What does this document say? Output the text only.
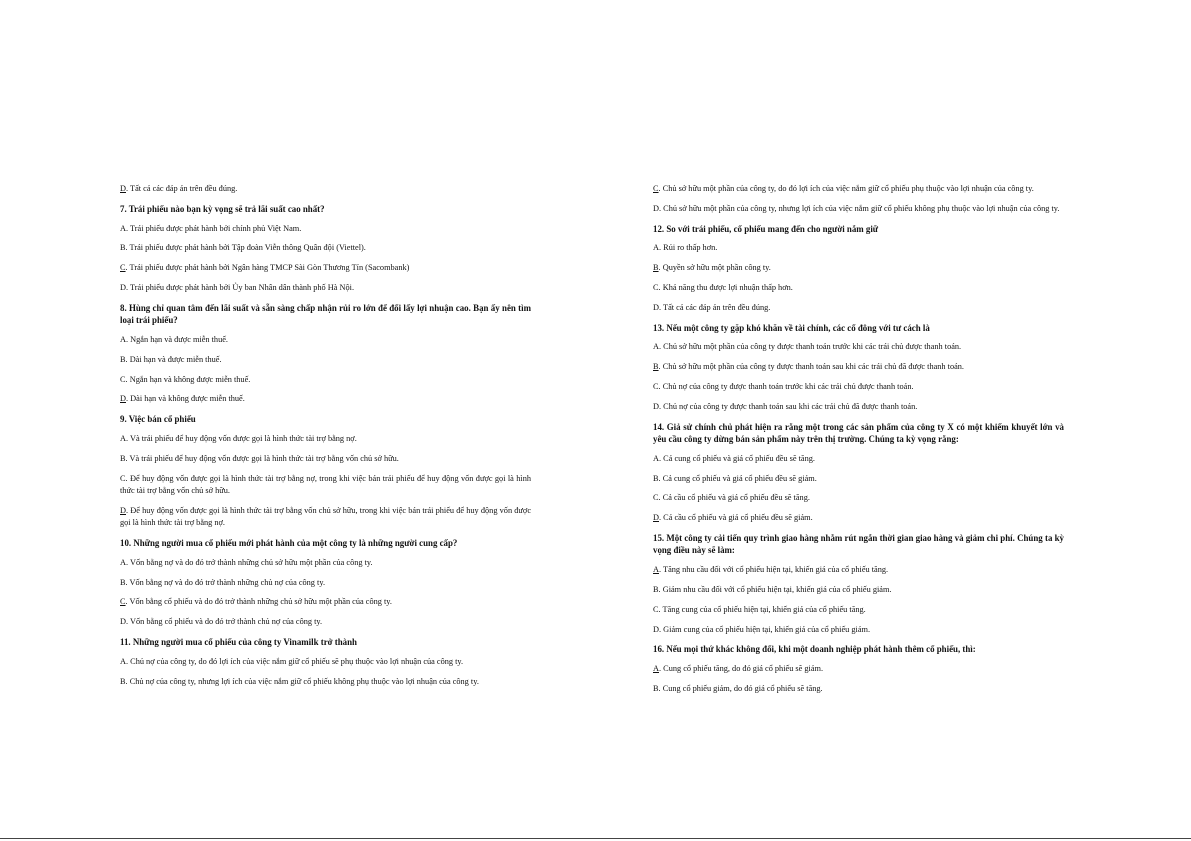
D. Tất cả các đáp án trên đều đúng.

7. Trái phiếu nào bạn kỳ vọng sẽ trả lãi suất cao nhất?

A. Trái phiếu được phát hành bởi chính phủ Việt Nam.

B. Trái phiếu được phát hành bởi Tập đoàn Viễn thông Quân đội (Viettel).

C. Trái phiếu được phát hành bởi Ngân hàng TMCP Sài Gòn Thương Tín (Sacombank)

D. Trái phiếu được phát hành bởi Ủy ban Nhân dân thành phố Hà Nội.

8. Hùng chỉ quan tâm đến lãi suất và sẵn sàng chấp nhận rủi ro lớn để đổi lấy lợi nhuận cao. Bạn ấy nên tìm loại trái phiếu?

A. Ngắn hạn và được miễn thuế.

B. Dài hạn và được miễn thuế.

C. Ngắn hạn và không được miễn thuế.

D. Dài hạn và không được miễn thuế.

9. Việc bán cổ phiếu

A. Và trái phiếu để huy động vốn được gọi là hình thức tài trợ bằng nợ.

B. Và trái phiếu để huy động vốn được gọi là hình thức tài trợ bằng vốn chủ sở hữu.

C. Để huy động vốn được gọi là hình thức tài trợ bằng nợ, trong khi việc bán trái phiếu để huy động vốn được gọi là hình thức tài trợ bằng vốn chủ sở hữu.

D. Để huy động vốn được gọi là hình thức tài trợ bằng vốn chủ sở hữu, trong khi việc bán trái phiếu để huy động vốn được gọi là hình thức tài trợ bằng nợ.

10. Những người mua cổ phiếu mới phát hành của một công ty là những người cung cấp?

A. Vốn bằng nợ và do đó trở thành những chủ sở hữu một phần của công ty.

B. Vốn bằng nợ và do đó trở thành những chủ nợ của công ty.

C. Vốn bằng cổ phiếu và do đó trở thành những chủ sở hữu một phần của công ty.

D. Vốn bằng cổ phiếu và do đó trở thành chủ nợ của công ty.

11. Những người mua cổ phiếu của công ty Vinamilk trở thành

A. Chủ nợ của công ty, do đó lợi ích của việc nắm giữ cổ phiếu sẽ phụ thuộc vào lợi nhuận của công ty.

B. Chủ nợ của công ty, nhưng lợi ích của việc nắm giữ cổ phiếu không phụ thuộc vào lợi nhuận của công ty.

C. Chủ sở hữu một phần của công ty, do đó lợi ích của việc nắm giữ cổ phiếu phụ thuộc vào lợi nhuận của công ty.

D. Chủ sở hữu một phần của công ty, nhưng lợi ích của việc nắm giữ cổ phiếu không phụ thuộc vào lợi nhuận của công ty.

12. So với trái phiếu, cổ phiếu mang đến cho người nắm giữ

A. Rủi ro thấp hơn.

B. Quyền sở hữu một phần công ty.

C. Khả năng thu được lợi nhuận thấp hơn.

D. Tất cả các đáp án trên đều đúng.

13. Nếu một công ty gặp khó khăn về tài chính, các cổ đông với tư cách là

A. Chủ sở hữu một phần của công ty được thanh toán trước khi các trái chủ được thanh toán.

B. Chủ sở hữu một phần của công ty được thanh toán sau khi các trái chủ đã được thanh toán.

C. Chủ nợ của công ty được thanh toán trước khi các trái chủ được thanh toán.

D. Chủ nợ của công ty được thanh toán sau khi các trái chủ đã được thanh toán.

14. Giả sử chính chủ phát hiện ra rằng một trong các sản phẩm của công ty X có một khiếm khuyết lớn và yêu cầu công ty dừng bán sản phẩm này trên thị trường. Chúng ta kỳ vọng rằng:

A. Cả cung cổ phiếu và giá cổ phiếu đều sẽ tăng.

B. Cả cung cổ phiếu và giá cổ phiếu đều sẽ giảm.

C. Cả cầu cổ phiếu và giá cổ phiếu đều sẽ tăng.

D. Cả cầu cổ phiếu và giá cổ phiếu đều sẽ giảm.

15. Một công ty cải tiến quy trình giao hàng nhằm rút ngắn thời gian giao hàng và giảm chi phí. Chúng ta kỳ vọng điều này sẽ làm:

A. Tăng nhu cầu đối với cổ phiếu hiện tại, khiến giá của cổ phiếu tăng.

B. Giảm nhu cầu đối với cổ phiếu hiện tại, khiến giá của cổ phiếu giảm.

C. Tăng cung của cổ phiếu hiện tại, khiến giá của cổ phiếu tăng.

D. Giảm cung của cổ phiếu hiện tại, khiến giá của cổ phiếu giảm.

16. Nếu mọi thứ khác không đổi, khi một doanh nghiệp phát hành thêm cổ phiếu, thì:

A. Cung cổ phiếu tăng, do đó giá cổ phiếu sẽ giảm.

B. Cung cổ phiếu giảm, do đó giá cổ phiếu sẽ tăng.
